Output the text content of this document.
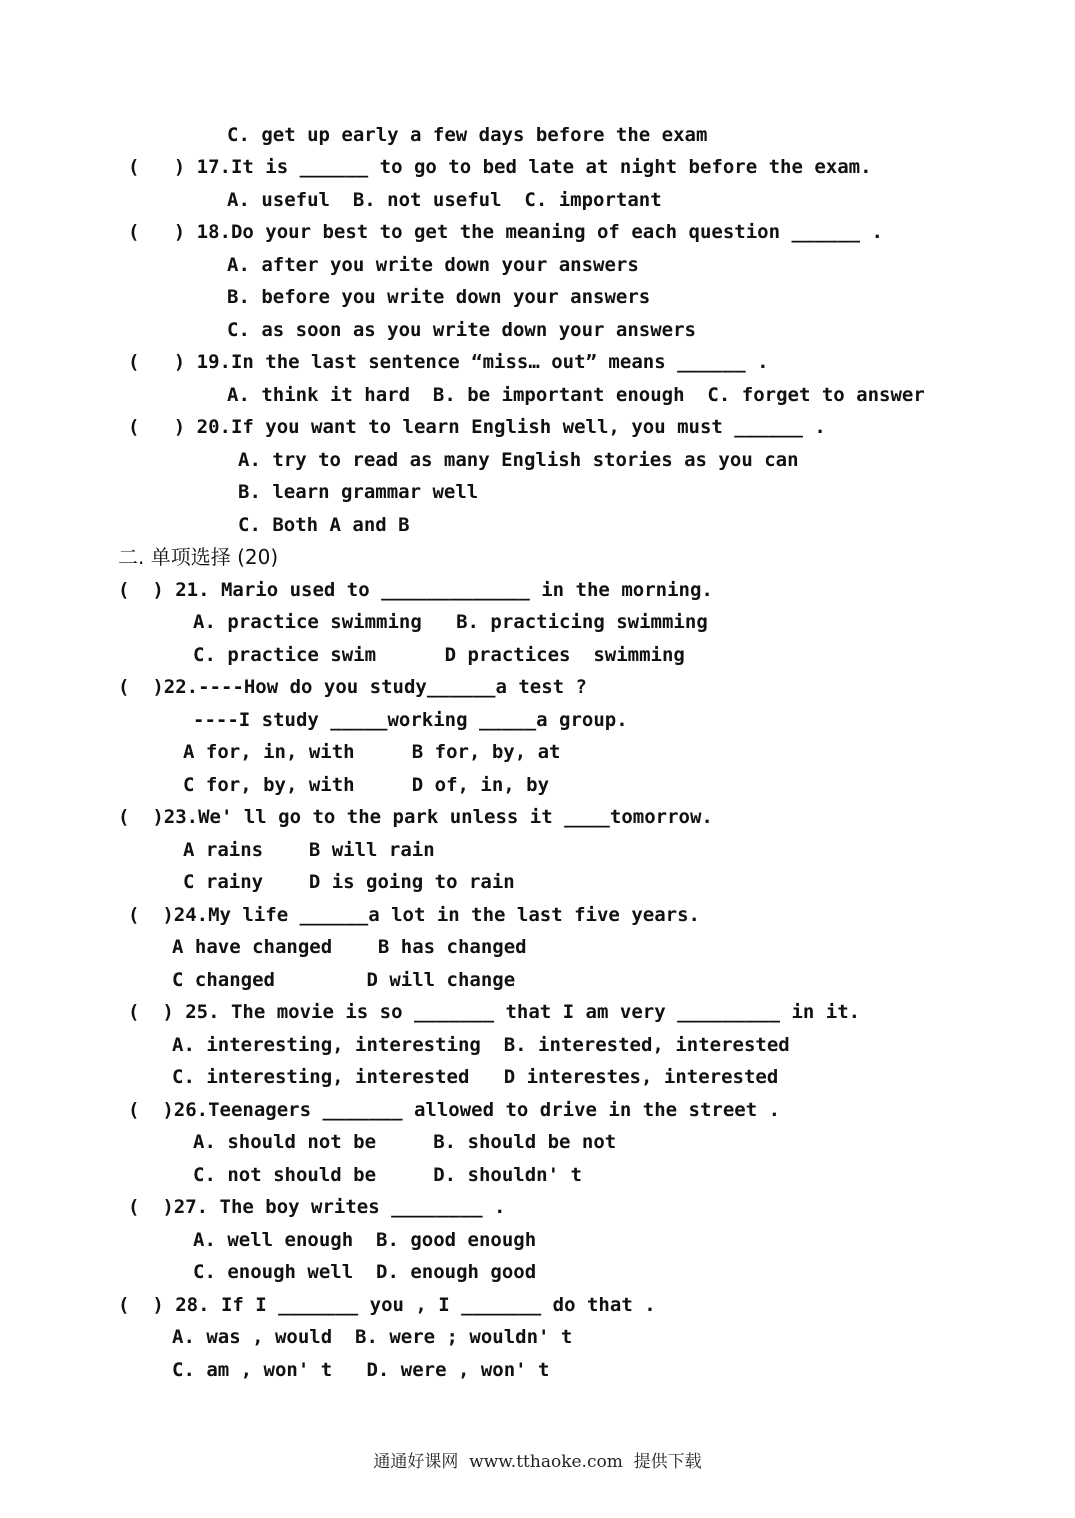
C. get up early a few days before the exam
(   ) 17.It is ______ to go to bed late at night before the exam.
A. useful  B. not useful  C. important
(   ) 18.Do your best to get the meaning of each question ______ .
A. after you write down your answers
B. before you write down your answers
C. as soon as you write down your answers
(   ) 19.In the last sentence “miss… out” means ______ .
A. think it hard  B. be important enough  C. forget to answer
(   ) 20.If you want to learn English well, you must ______ .
A. try to read as many English stories as you can
B. learn grammar well
C. Both A and B
二. 单项选择 (20)
(  ) 21. Mario used to _____________ in the morning.
A. practice swimming   B. practicing swimming
C. practice swim      D practices  swimming
(  )22.----How do you study______a test ?
----I study _____working _____a group.
A for, in, with     B for, by, at
C for, by, with     D of, in, by
(  )23.We' ll go to the park unless it ____tomorrow.
A rains    B will rain
C rainy    D is going to rain
(  )24.My life ______a lot in the last five years.
A have changed    B has changed
C changed        D will change
(  ) 25. The movie is so _______ that I am very _________ in it.
A. interesting, interesting  B. interested, interested
C. interesting, interested   D interestes, interested
(  )26.Teenagers _______ allowed to drive in the street .
A. should not be     B. should be not
C. not should be     D. shouldn' t
(  )27. The boy writes ________ .
A. well enough  B. good enough
C. enough well  D. enough good
(  ) 28. If I _______ you , I _______ do that .
A. was , would  B. were ; wouldn' t
C. am , won' t   D. were , won' t
通通好课网  www.tthaoke.com  提供下载
